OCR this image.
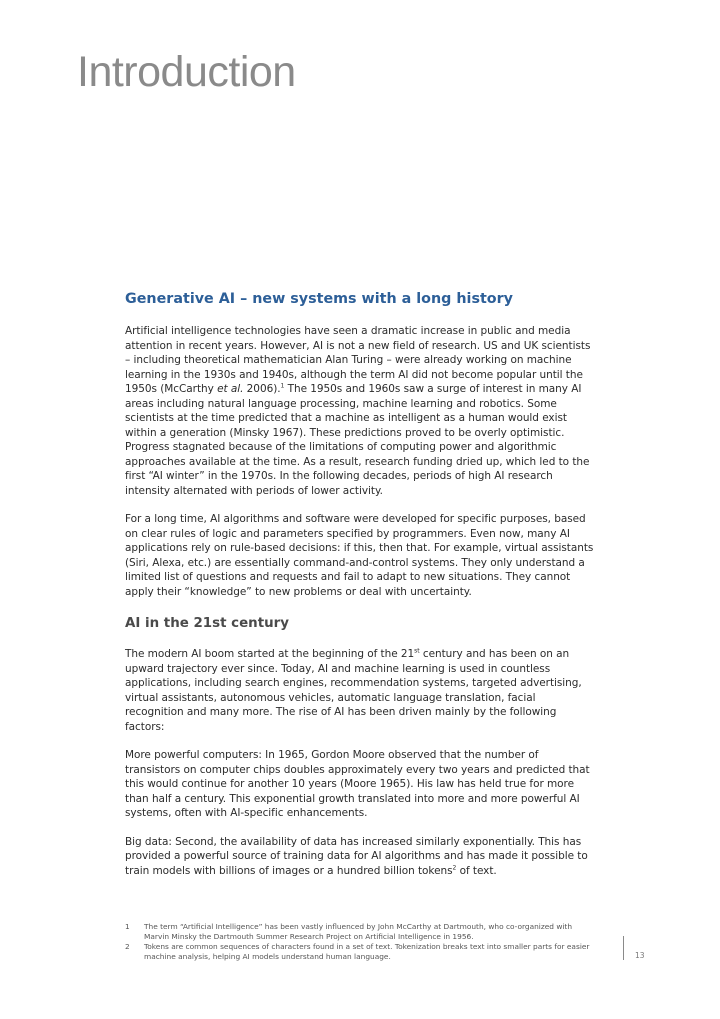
Introduction
Generative AI – new systems with a long history

Artificial intelligence technologies have seen a dramatic increase in public and media attention in recent years. However, AI is not a new field of research. US and UK scientists – including theoretical mathematician Alan Turing – were already working on machine learning in the 1930s and 1940s, although the term AI did not become popular until the 1950s (McCarthy et al. 2006).$^1$ The 1950s and 1960s saw a surge of interest in many AI areas including natural language processing, machine learning and robotics. Some scientists at the time predicted that a machine as intelligent as a human would exist within a generation (Minsky 1967). These predictions proved to be overly optimistic. Progress stagnated because of the limitations of computing power and algorithmic approaches available at the time. As a result, research funding dried up, which led to the first “AI winter” in the 1970s. In the following decades, periods of high AI research intensity alternated with periods of lower activity.

For a long time, AI algorithms and software were developed for specific purposes, based on clear rules of logic and parameters specified by programmers. Even now, many AI applications rely on rule-based decisions: if this, then that. For example, virtual assistants (Siri, Alexa, etc.) are essentially command-and-control systems. They only understand a limited list of questions and requests and fail to adapt to new situations. They cannot apply their “knowledge” to new problems or deal with uncertainty.

AI in the 21st century

The modern AI boom started at the beginning of the 21st century and has been on an upward trajectory ever since. Today, AI and machine learning is used in countless applications, including search engines, recommendation systems, targeted advertising, virtual assistants, autonomous vehicles, automatic language translation, facial recognition and many more. The rise of AI has been driven mainly by the following factors:

More powerful computers: In 1965, Gordon Moore observed that the number of transistors on computer chips doubles approximately every two years and predicted that this would continue for another 10 years (Moore 1965). His law has held true for more than half a century. This exponential growth translated into more and more powerful AI systems, often with AI-specific enhancements.

Big data: Second, the availability of data has increased similarly exponentially. This has provided a powerful source of training data for AI algorithms and has made it possible to train models with billions of images or a hundred billion tokens$^2$ of text.

1 The term “Artificial Intelligence” has been vastly influenced by John McCarthy at Dartmouth, who co-organized with Marvin Minsky the Dartmouth Summer Research Project on Artificial Intelligence in 1956.

2 Tokens are common sequences of characters found in a set of text. Tokenization breaks text into smaller parts for easier machine analysis, helping AI models understand human language.	13
